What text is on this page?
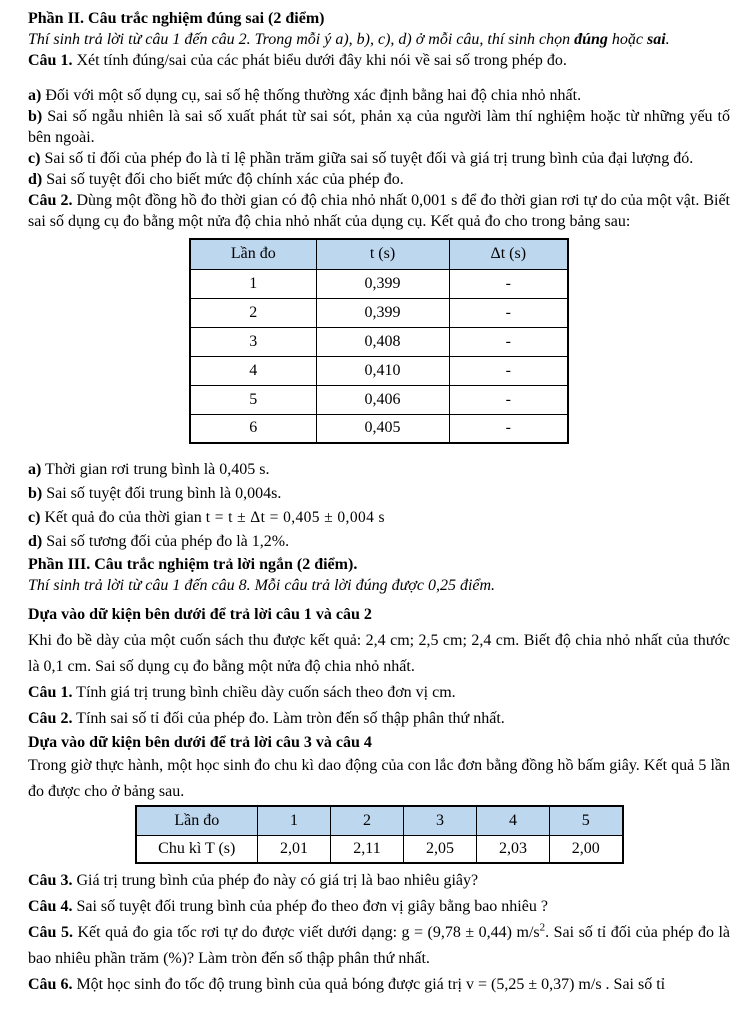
Phần II. Câu trắc nghiệm đúng sai (2 điểm)

Thí sinh trả lời từ câu 1 đến câu 2. Trong mỗi ý a), b), c), d) ở mỗi câu, thí sinh chọn đúng hoặc sai.

Câu 1. Xét tính đúng/sai của các phát biểu dưới đây khi nói về sai số trong phép đo.

a) Đối với một số dụng cụ, sai số hệ thống thường xác định bằng hai độ chia nhỏ nhất.

b) Sai số ngẫu nhiên là sai số xuất phát từ sai sót, phản xạ của người làm thí nghiệm hoặc từ những yếu tố bên ngoài.

c) Sai số tỉ đối của phép đo là tỉ lệ phần trăm giữa sai số tuyệt đối và giá trị trung bình của đại lượng đó.

d) Sai số tuyệt đối cho biết mức độ chính xác của phép đo.

Câu 2. Dùng một đồng hồ đo thời gian có độ chia nhỏ nhất 0,001 s để đo thời gian rơi tự do của một vật. Biết sai số dụng cụ đo bằng một nửa độ chia nhỏ nhất của dụng cụ. Kết quả đo cho trong bảng sau:

Lần đo	t (s)	Δt (s)
1	0,399	-
2	0,399	-
3	0,408	-
4	0,410	-
5	0,406	-
6	0,405	-

a) Thời gian rơi trung bình là 0,405 s.

b) Sai số tuyệt đối trung bình là 0,004s.

c) Kết quả đo của thời gian t = t ± Δt = 0,405 ± 0,004 s

d) Sai số tương đối của phép đo là 1,2%.

Phần III. Câu trắc nghiệm trả lời ngắn (2 điểm).

Thí sinh trả lời từ câu 1 đến câu 8. Mỗi câu trả lời đúng được 0,25 điểm.

Dựa vào dữ kiện bên dưới để trả lời câu 1 và câu 2

Khi đo bề dày của một cuốn sách thu được kết quả: 2,4 cm; 2,5 cm; 2,4 cm. Biết độ chia nhỏ nhất của thước là 0,1 cm. Sai số dụng cụ đo bằng một nửa độ chia nhỏ nhất.

Câu 1. Tính giá trị trung bình chiều dày cuốn sách theo đơn vị cm.

Câu 2. Tính sai số tỉ đối của phép đo. Làm tròn đến số thập phân thứ nhất.

Dựa vào dữ kiện bên dưới để trả lời câu 3 và câu 4

Trong giờ thực hành, một học sinh đo chu kì dao động của con lắc đơn bằng đồng hồ bấm giây. Kết quả 5 lần đo được cho ở bảng sau.

Lần đo	1	2	3	4	5
Chu kì T (s)	2,01	2,11	2,05	2,03	2,00

Câu 3. Giá trị trung bình của phép đo này có giá trị là bao nhiêu giây?

Câu 4. Sai số tuyệt đối trung bình của phép đo theo đơn vị giây bằng bao nhiêu ?

Câu 5. Kết quả đo gia tốc rơi tự do được viết dưới dạng: g = (9,78 ± 0,44) $m/s^2$. Sai số tỉ đối của phép đo là bao nhiêu phần trăm (%)? Làm tròn đến số thập phân thứ nhất.

Câu 6. Một học sinh đo tốc độ trung bình của quả bóng được giá trị v = (5,25 ± 0,37) m/s . Sai số tỉ
